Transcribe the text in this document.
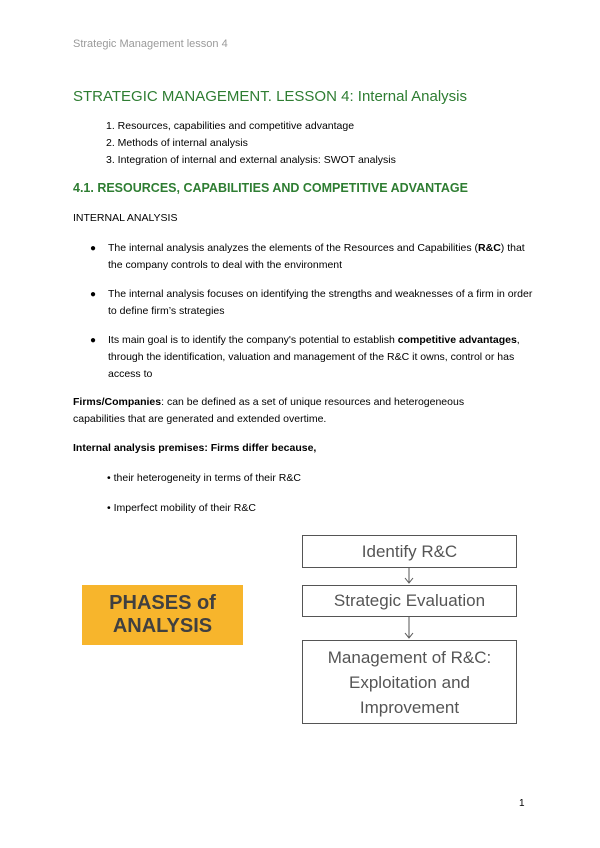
Strategic Management lesson 4
STRATEGIC MANAGEMENT. LESSON 4: Internal Analysis
1. Resources, capabilities and competitive advantage
2. Methods of internal analysis
3. Integration of internal and external analysis: SWOT analysis
4.1. RESOURCES, CAPABILITIES AND COMPETITIVE ADVANTAGE
INTERNAL ANALYSIS
● The internal analysis analyzes the elements of the Resources and Capabilities (R&C) that the company controls to deal with the environment
● The internal analysis focuses on identifying the strengths and weaknesses of a firm in order to define firm’s strategies
● Its main goal is to identify the company's potential to establish competitive advantages, through the identification, valuation and management of the R&C it owns, control or has access to
Firms/Companies: can be defined as a set of unique resources and heterogeneous capabilities that are generated and extended overtime.
Internal analysis premises: Firms differ because,
• their heterogeneity in terms of their R&C
• Imperfect mobility of their R&C
PHASES of
ANALYSIS
Identify R&C
Strategic Evaluation
Management of R&C:
Exploitation and
Improvement
1
